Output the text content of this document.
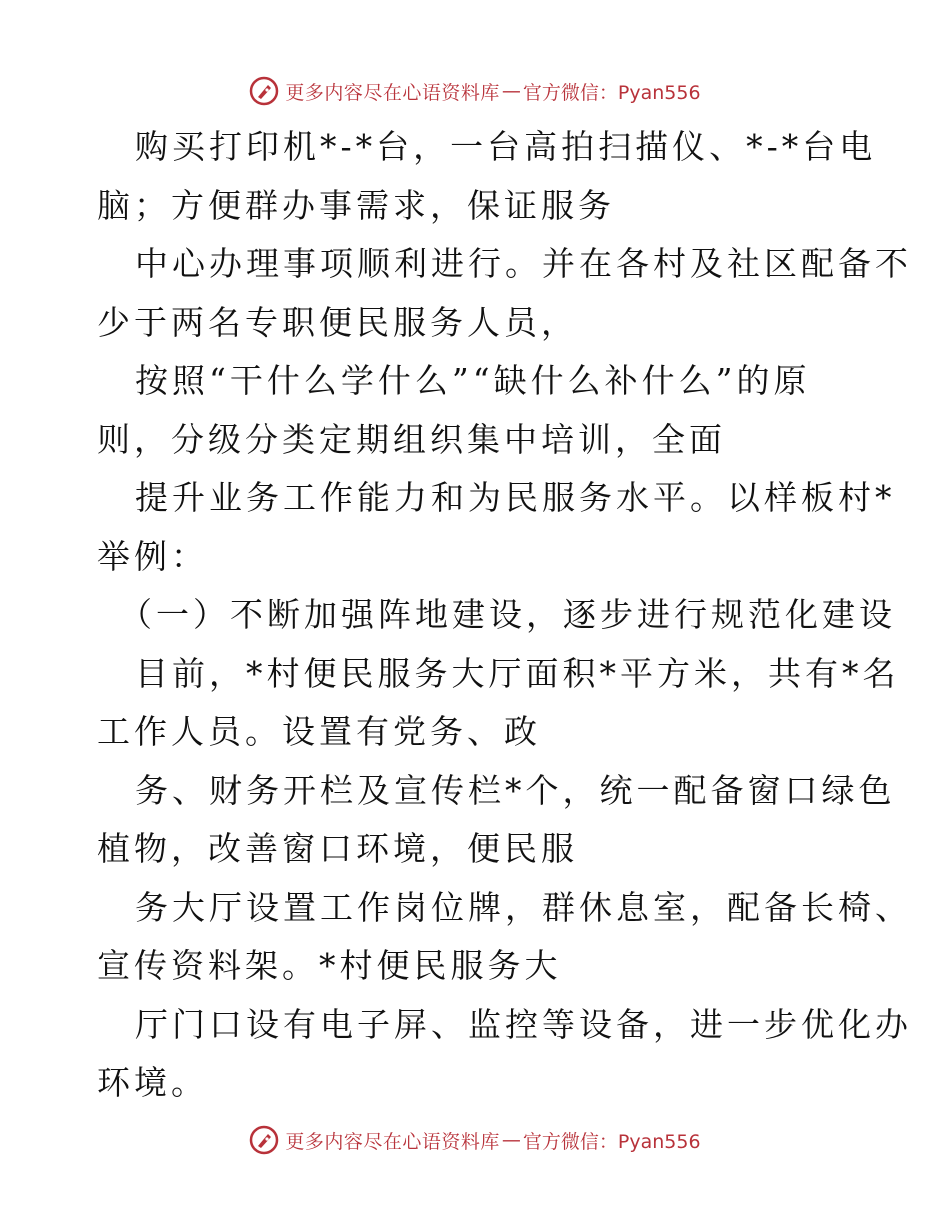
更多内容尽在心语资料库 — 官方微信：Pyan556
购买打印机*-*台，一台高拍扫描仪、*-*台电
脑；方便群办事需求，保证服务
中心办理事项顺利进行。并在各村及社区配备不
少于两名专职便民服务人员，
按照“干什么学什么”“缺什么补什么”的原
则，分级分类定期组织集中培训，全面
提升业务工作能力和为民服务水平。以样板村*
举例：
（一）不断加强阵地建设，逐步进行规范化建设
目前，*村便民服务大厅面积*平方米，共有*名
工作人员。设置有党务、政
务、财务开栏及宣传栏*个，统一配备窗口绿色
植物，改善窗口环境，便民服
务大厅设置工作岗位牌，群休息室，配备长椅、
宣传资料架。*村便民服务大
厅门口设有电子屏、监控等设备，进一步优化办
环境。
更多内容尽在心语资料库 — 官方微信：Pyan556
